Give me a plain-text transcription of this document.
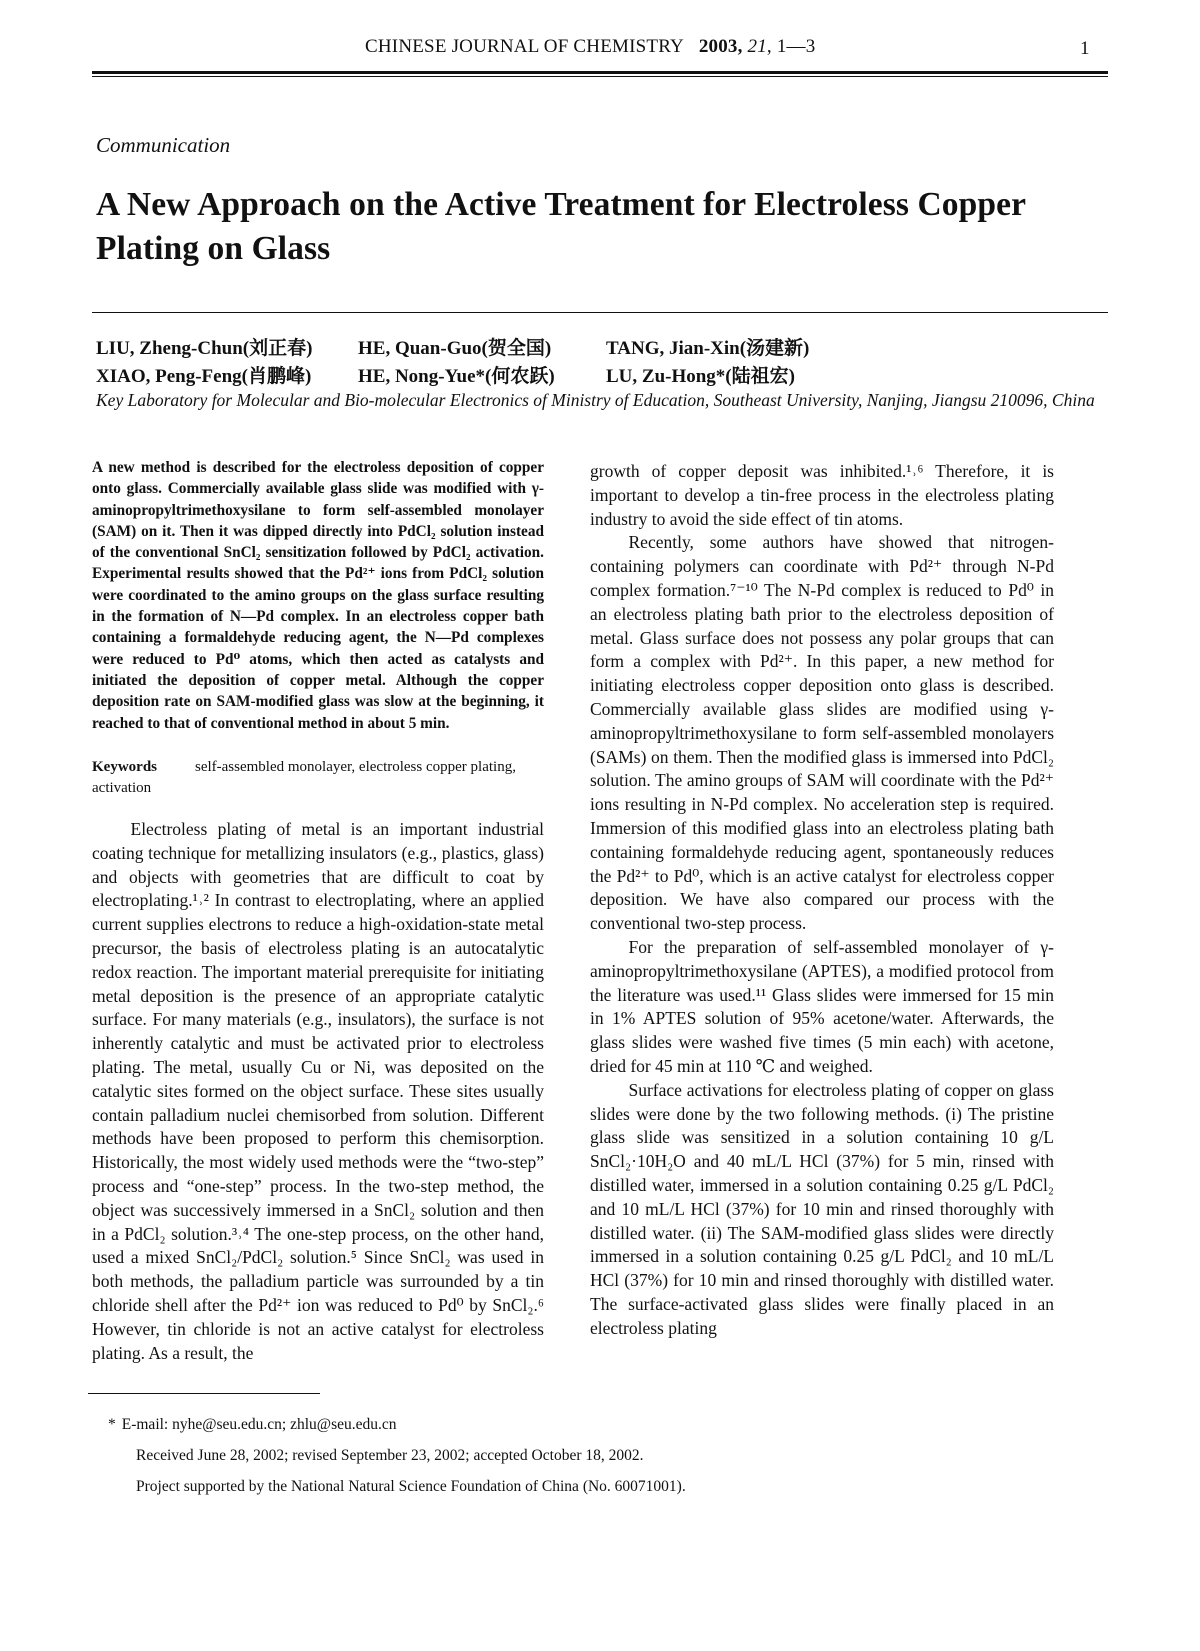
CHINESE JOURNAL OF CHEMISTRY 2003, 21, 1—3	1
Communication
A New Approach on the Active Treatment for Electroless Copper Plating on Glass
LIU, Zheng-Chun(刘正春)	HE, Quan-Guo(贺全国)	TANG, Jian-Xin(汤建新)
XIAO, Peng-Feng(肖鹏峰)	HE, Nong-Yue*(何农跃)	LU, Zu-Hong*(陆祖宏)
Key Laboratory for Molecular and Bio-molecular Electronics of Ministry of Education, Southeast University, Nanjing, Jiangsu 210096, China
A new method is described for the electroless deposition of copper onto glass. Commercially available glass slide was modified with γ-aminopropyltrimethoxysilane to form self-assembled monolayer (SAM) on it. Then it was dipped directly into PdCl₂ solution instead of the conventional SnCl₂ sensitization followed by PdCl₂ activation. Experimental results showed that the Pd²⁺ ions from PdCl₂ solution were coordinated to the amino groups on the glass surface resulting in the formation of N—Pd complex. In an electroless copper bath containing a formaldehyde reducing agent, the N—Pd complexes were reduced to Pd⁰ atoms, which then acted as catalysts and initiated the deposition of copper metal. Although the copper deposition rate on SAM-modified glass was slow at the beginning, it reached to that of conventional method in about 5 min.
Keywords	self-assembled monolayer, electroless copper plating, activation

Electroless plating of metal is an important industrial coating technique for metallizing insulators (e.g., plastics, glass) and objects with geometries that are difficult to coat by electroplating.¹˒² In contrast to electroplating, where an applied current supplies electrons to reduce a high-oxidation-state metal precursor, the basis of electroless plating is an autocatalytic redox reaction. The important material prerequisite for initiating metal deposition is the presence of an appropriate catalytic surface. For many materials (e.g., insulators), the surface is not inherently catalytic and must be activated prior to electroless plating. The metal, usually Cu or Ni, was deposited on the catalytic sites formed on the object surface. These sites usually contain palladium nuclei chemisorbed from solution. Different methods have been proposed to perform this chemisorption. Historically, the most widely used methods were the “two-step” process and “one-step” process. In the two-step method, the object was successively immersed in a SnCl₂ solution and then in a PdCl₂ solution.³˒⁴ The one-step process, on the other hand, used a mixed SnCl₂/PdCl₂ solution.⁵ Since SnCl₂ was used in both methods, the palladium particle was surrounded by a tin chloride shell after the Pd²⁺ ion was reduced to Pd⁰ by SnCl₂.⁶ However, tin chloride is not an active catalyst for electroless plating. As a result, the

growth of copper deposit was inhibited.¹˒⁶ Therefore, it is important to develop a tin-free process in the electroless plating industry to avoid the side effect of tin atoms.

Recently, some authors have showed that nitrogen-containing polymers can coordinate with Pd²⁺ through N-Pd complex formation.⁷⁻¹⁰ The N-Pd complex is reduced to Pd⁰ in an electroless plating bath prior to the electroless deposition of metal. Glass surface does not possess any polar groups that can form a complex with Pd²⁺. In this paper, a new method for initiating electroless copper deposition onto glass is described. Commercially available glass slides are modified using γ-aminopropyltrimethoxysilane to form self-assembled monolayers (SAMs) on them. Then the modified glass is immersed into PdCl₂ solution. The amino groups of SAM will coordinate with the Pd²⁺ ions resulting in N-Pd complex. No acceleration step is required. Immersion of this modified glass into an electroless plating bath containing formaldehyde reducing agent, spontaneously reduces the Pd²⁺ to Pd⁰, which is an active catalyst for electroless copper deposition. We have also compared our process with the conventional two-step process.

For the preparation of self-assembled monolayer of γ-aminopropyltrimethoxysilane (APTES), a modified protocol from the literature was used.¹¹ Glass slides were immersed for 15 min in 1% APTES solution of 95% acetone/water. Afterwards, the glass slides were washed five times (5 min each) with acetone, dried for 45 min at 110 ℃ and weighed.

Surface activations for electroless plating of copper on glass slides were done by the two following methods. (i) The pristine glass slide was sensitized in a solution containing 10 g/L SnCl₂·10H₂O and 40 mL/L HCl (37%) for 5 min, rinsed with distilled water, immersed in a solution containing 0.25 g/L PdCl₂ and 10 mL/L HCl (37%) for 10 min and rinsed thoroughly with distilled water. (ii) The SAM-modified glass slides were directly immersed in a solution containing 0.25 g/L PdCl₂ and 10 mL/L HCl (37%) for 10 min and rinsed thoroughly with distilled water. The surface-activated glass slides were finally placed in an electroless plating

* E-mail: nyhe@seu.edu.cn; zhlu@seu.edu.cn
Received June 28, 2002; revised September 23, 2002; accepted October 18, 2002.
Project supported by the National Natural Science Foundation of China (No. 60071001).
